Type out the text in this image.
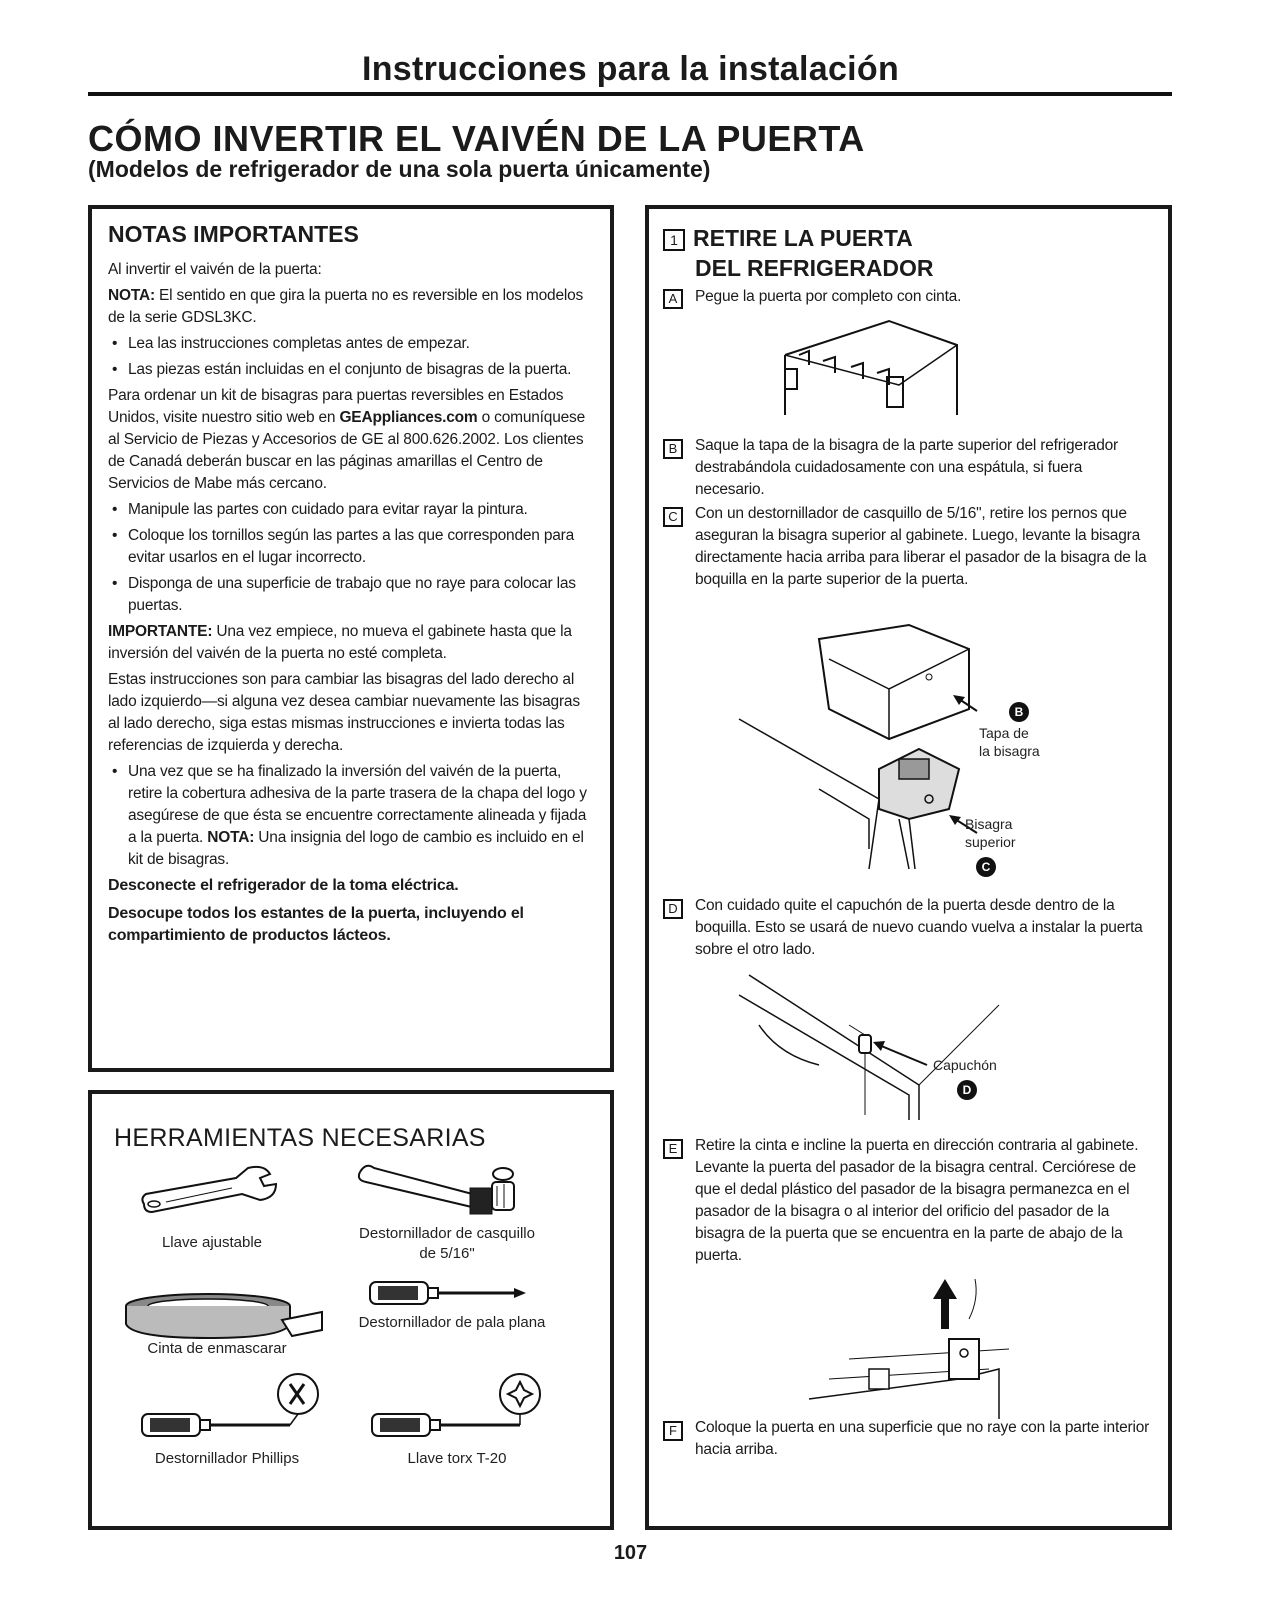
Instrucciones para la instalación
CÓMO INVERTIR EL VAIVÉN DE LA PUERTA
(Modelos de refrigerador de una sola puerta únicamente)
NOTAS IMPORTANTES

Al invertir el vaivén de la puerta:

NOTA: El sentido en que gira la puerta no es reversible en los modelos de la serie GDSL3KC.

• Lea las instrucciones completas antes de empezar.
• Las piezas están incluidas en el conjunto de bisagras de la puerta.

Para ordenar un kit de bisagras para puertas reversibles en Estados Unidos, visite nuestro sitio web en GEAppliances.com o comuníquese al Servicio de Piezas y Accesorios de GE al 800.626.2002. Los clientes de Canadá deberán buscar en las páginas amarillas el Centro de Servicios de Mabe más cercano.

• Manipule las partes con cuidado para evitar rayar la pintura.
• Coloque los tornillos según las partes a las que corresponden para evitar usarlos en el lugar incorrecto.
• Disponga de una superficie de trabajo que no raye para colocar las puertas.

IMPORTANTE: Una vez empiece, no mueva el gabinete hasta que la inversión del vaivén de la puerta no esté completa.

Estas instrucciones son para cambiar las bisagras del lado derecho al lado izquierdo—si alguna vez desea cambiar nuevamente las bisagras al lado derecho, siga estas mismas instrucciones e invierta todas las referencias de izquierda y derecha.

• Una vez que se ha finalizado la inversión del vaivén de la puerta, retire la cobertura adhesiva de la parte trasera de la chapa del logo y asegúrese de que ésta se encuentre correctamente alineada y fijada a la puerta. NOTA: Una insignia del logo de cambio es incluido en el kit de bisagras.
Desconecte el refrigerador de la toma eléctrica.
Desocupe todos los estantes de la puerta, incluyendo el compartimiento de productos lácteos.
HERRAMIENTAS NECESARIAS
Llave ajustable
Destornillador de casquillo
de 5/16"
Cinta de enmascarar
Destornillador de pala plana
Destornillador Phillips	Llave torx T-20
1 RETIRE LA PUERTA
DEL REFRIGERADOR
A	Pegue la puerta por completo con cinta.
B	Saque la tapa de la bisagra de la parte superior del refrigerador destrabándola cuidadosamente con una espátula, si fuera necesario.
C	Con un destornillador de casquillo de 5/16", retire los pernos que aseguran la bisagra superior al gabinete. Luego, levante la bisagra directamente hacia arriba para liberar el pasador de la bisagra de la boquilla en la parte superior de la puerta.
B
Tapa de
la bisagra
Bisagra
superior
C
D	Con cuidado quite el capuchón de la puerta desde dentro de la boquilla. Esto se usará de nuevo cuando vuelva a instalar la puerta sobre el otro lado.
Capuchón
D
E	Retire la cinta e incline la puerta en dirección contraria al gabinete. Levante la puerta del pasador de la bisagra central. Cerciórese de que el dedal plástico del pasador de la bisagra permanezca en el pasador de la bisagra o al interior del orificio del pasador de la bisagra de la puerta que se encuentra en la parte de abajo de la puerta.
F	Coloque la puerta en una superficie que no raye con la parte interior hacia arriba.
107
